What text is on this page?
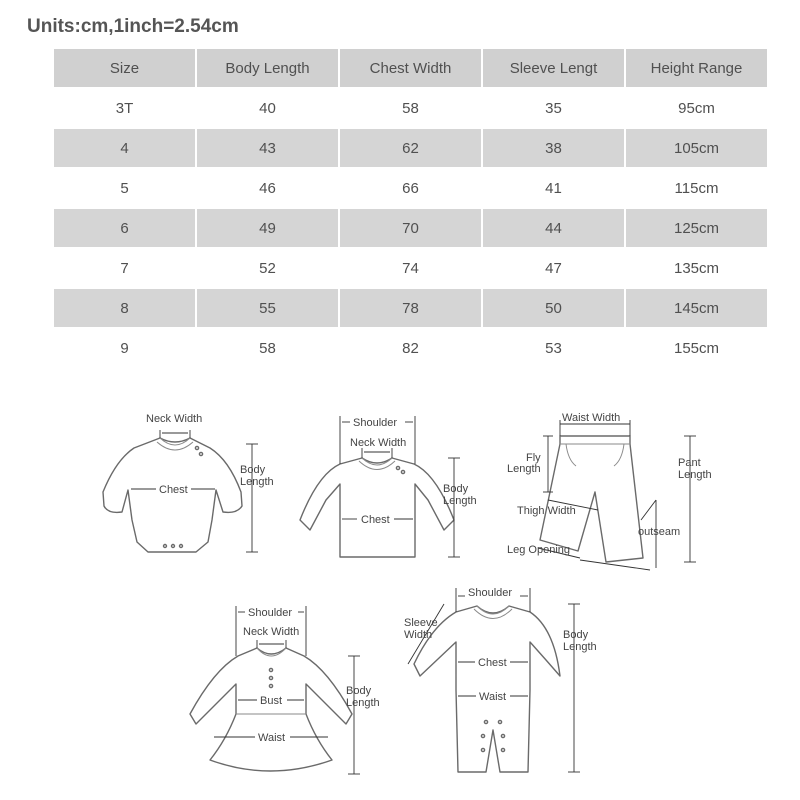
Units:cm,1inch=2.54cm
Size	Body Length	Chest Width	Sleeve Lengt	Height Range
3T	40	58	35	95cm
4	43	62	38	105cm
5	46	66	41	115cm
6	49	70	44	125cm
7	52	74	47	135cm
8	55	78	50	145cm
9	58	82	53	155cm
Neck Width
Chest
Body
Length
Shoulder
Neck Width
Chest
Body
Length
Waist Width
Fly
Length	Pant
Length
Thigh Width
outseam
Leg Opening
Shoulder
Neck Width
Bust
Waist
Body
Length
Shoulder
Sleeve
Width
Chest
Waist
Body
Length
